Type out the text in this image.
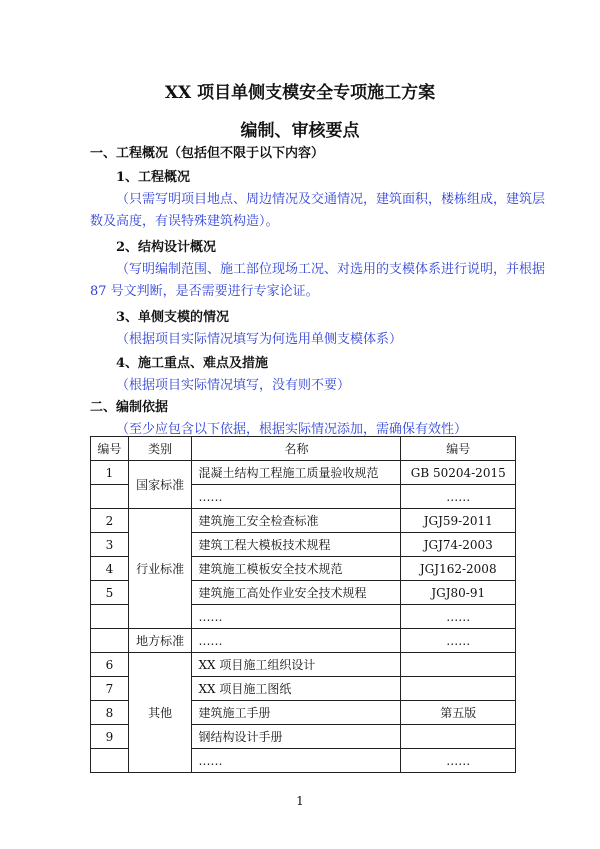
XX 项目单侧支模安全专项施工方案
编制、审核要点
一、工程概况（包括但不限于以下内容）
1、工程概况
（只需写明项目地点、周边情况及交通情况，建筑面积，楼栋组成，建筑层
数及高度，有误特殊建筑构造）。
2、结构设计概况
（写明编制范围、施工部位现场工况、对选用的支模体系进行说明，并根据
87 号文判断，是否需要进行专家论证。
3、单侧支模的情况
（根据项目实际情况填写为何选用单侧支模体系）
4、施工重点、难点及措施
（根据项目实际情况填写，没有则不要）
二、编制依据
（至少应包含以下依据，根据实际情况添加，需确保有效性）
编号	类别	名称	编号
1	国家标准	混凝土结构工程施工质量验收规范	GB 50204-2015
		……	……
2	行业标准	建筑施工安全检查标准	JGJ59-2011
3		建筑工程大模板技术规程	JGJ74-2003
4		建筑施工模板安全技术规范	JGJ162-2008
5		建筑施工高处作业安全技术规程	JGJ80-91
		……	……
	地方标准	……	……
6	其他	XX 项目施工组织设计	
7		XX 项目施工图纸	
8		建筑施工手册	第五版
9		钢结构设计手册	
		……	……
1
